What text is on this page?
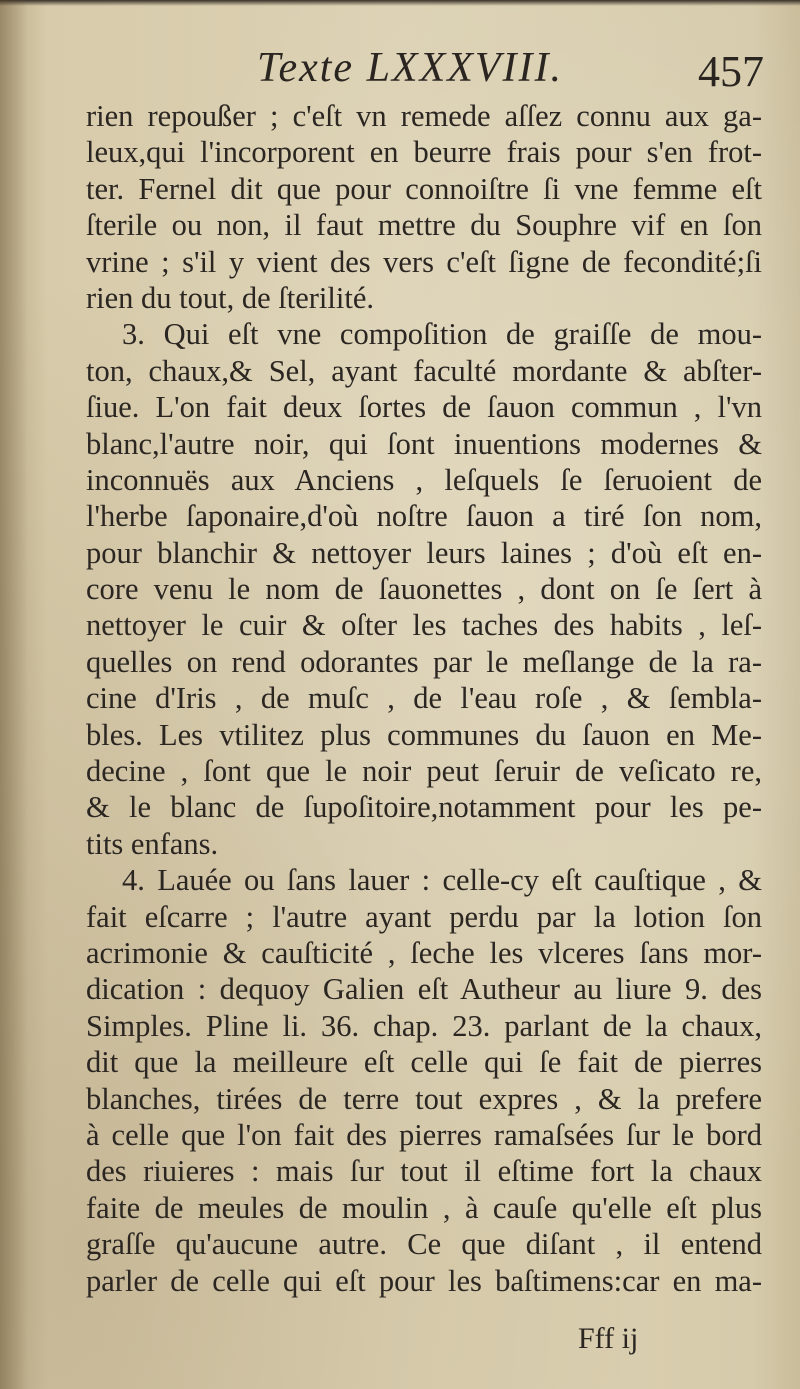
Texte LXXXVIII.	457
rien repoußer ; c'eſt vn remede aſſez connu aux ga-
leux,qui l'incorporent en beurre frais pour s'en frot-
ter. Fernel dit que pour connoiſtre ſi vne femme eſt
ſterile ou non, il faut mettre du Souphre vif en ſon
vrine ; s'il y vient des vers c'eſt ſigne de fecondité;ſi
rien du tout, de ſterilité.
3. Qui eſt vne compoſition de graiſſe de mou-
ton, chaux,& Sel, ayant faculté mordante & abſter-
ſiue. L'on fait deux ſortes de ſauon commun , l'vn
blanc,l'autre noir, qui ſont inuentions modernes &
inconnuës aux Anciens , leſquels ſe ſeruoient de
l'herbe ſaponaire,d'où noſtre ſauon a tiré ſon nom,
pour blanchir & nettoyer leurs laines ; d'où eſt en-
core venu le nom de ſauonettes , dont on ſe ſert à
nettoyer le cuir & oſter les taches des habits , leſ-
quelles on rend odorantes par le meſlange de la ra-
cine d'Iris , de muſc , de l'eau roſe , & ſembla-
bles. Les vtilitez plus communes du ſauon en Me-
decine , ſont que le noir peut ſeruir de veſicato re,
& le blanc de ſupoſitoire,notamment pour les pe-
tits enfans.
4. Lauée ou ſans lauer : celle-cy eſt cauſtique , &
fait eſcarre ; l'autre ayant perdu par la lotion ſon
acrimonie & cauſticité , ſeche les vlceres ſans mor-
dication : dequoy Galien eſt Autheur au liure 9. des
Simples. Pline li. 36. chap. 23. parlant de la chaux,
dit que la meilleure eſt celle qui ſe fait de pierres
blanches, tirées de terre tout expres , & la prefere
à celle que l'on fait des pierres ramaſsées ſur le bord
des riuieres : mais ſur tout il eſtime fort la chaux
faite de meules de moulin , à cauſe qu'elle eſt plus
graſſe qu'aucune autre. Ce que diſant , il entend
parler de celle qui eſt pour les baſtimens:car en ma-
Fff ij
